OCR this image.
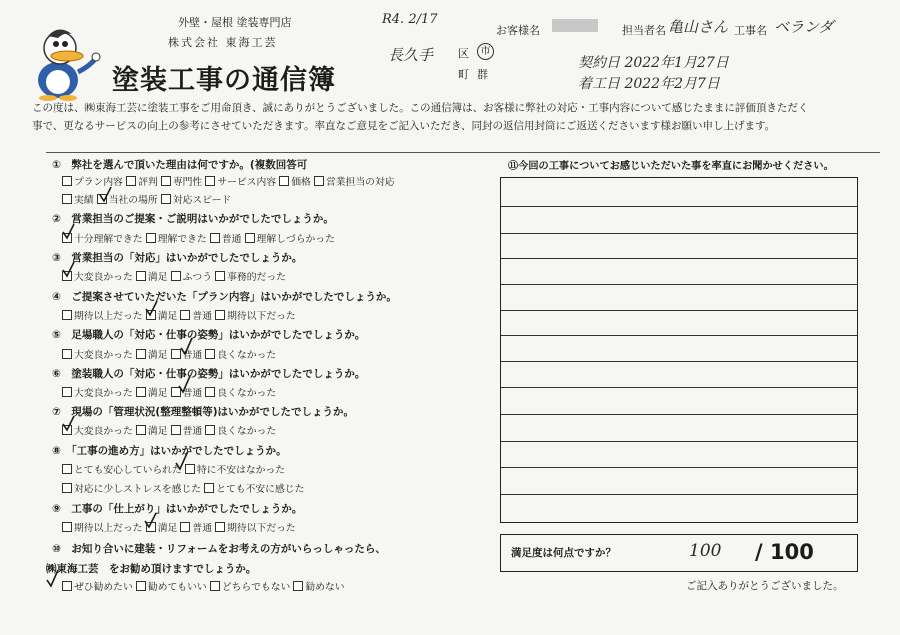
外壁・屋根 塗装専門店
株式会社 東海工芸
塗装工事の通信簿
R4. 2/17
長久手 区	市
町 群
お客様名	担当者名 亀山さん 工事名 ベランダ
契約日 2022年1月27日
着工日 2022年2月7日
この度は、㈱東海工芸に塗装工事をご用命頂き、誠にありがとうございました。この通信簿は、お客様に弊社の対応・工事内容について感じたままに評価頂きただく
事で、更なるサービスの向上の参考にさせていただきます。率直なご意見をご記入いただき、同封の返信用封筒にご返送くださいます様お願い申し上げます。
①　弊社を選んで頂いた理由は何ですか。(複数回答可
プラン内容 評判 専門性 サービス内容 価格 営業担当の対応
実績 当社の場所 対応スピード
②　営業担当のご提案・ご説明はいかがでしたでしょうか。
十分理解できた 理解できた 普通 理解しづらかった
③　営業担当の「対応」はいかがでしたでしょうか。
大変良かった 満足 ふつう 事務的だった
④　ご提案させていただいた「プラン内容」はいかがでしたでしょうか。
期待以上だった 満足 普通 期待以下だった
⑤　足場職人の「対応・仕事の姿勢」はいかがでしたでしょうか。
大変良かった 満足 普通 良くなかった
⑥　塗装職人の「対応・仕事の姿勢」はいかがでしたでしょうか。
大変良かった 満足 普通 良くなかった
⑦　現場の「管理状況(整理整頓等)はいかがでしたでしょうか。
大変良かった 満足 普通 良くなかった
⑧　「工事の進め方」はいかがでしたでしょうか。
とても安心していられた 特に不安はなかった
対応に少しストレスを感じた とても不安に感じた
⑨　工事の「仕上がり」はいかがでしたでしょうか。
期待以上だった 満足 普通 期待以下だった
⑩　お知り合いに建装・リフォームをお考えの方がいらっしゃったら、
㈱東海工芸　をお勧め頂けますでしょうか。
ぜひ勧めたい 勧めてもいい どちらでもない 勧めない
⑪今回の工事についてお感じいただいた事を率直にお聞かせください。
満足度は何点ですか？	100 / 100
ご記入ありがとうございました。
